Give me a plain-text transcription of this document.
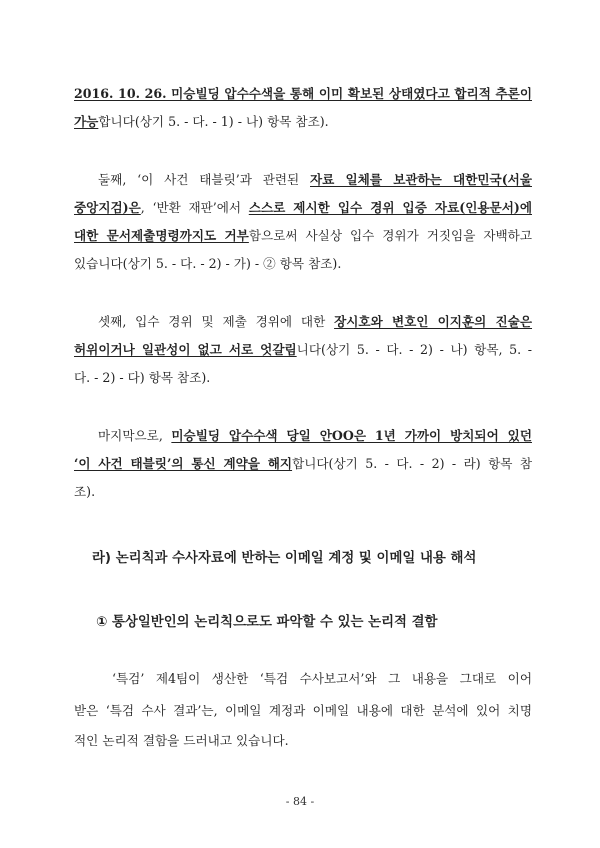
2016. 10. 26. 미승빌딩 압수수색을 통해 이미 확보된 상태였다고 합리적 추론이
가능합니다(상기 5. - 다. - 1) - 나) 항목 참조).
둘째, ‘이 사건 태블릿’과 관련된 자료 일체를 보관하는 대한민국(서울
중앙지검)은, ‘반환 재판’에서 스스로 제시한 입수 경위 입증 자료(인용문서)에
대한 문서제출명령까지도 거부함으로써 사실상 입수 경위가 거짓임을 자백하고
있습니다(상기 5. - 다. - 2) - 가) - ② 항목 참조).
셋째, 입수 경위 및 제출 경위에 대한 장시호와 변호인 이지훈의 진술은
허위이거나 일관성이 없고 서로 엇갈림니다(상기 5. - 다. - 2) - 나) 항목, 5. -
다. - 2) - 다) 항목 참조).
마지막으로, 미승빌딩 압수수색 당일 안OO은 1년 가까이 방치되어 있던
‘이 사건 태블릿’의 통신 계약을 해지합니다(상기 5. - 다. - 2) - 라) 항목 참
조).
라) 논리칙과 수사자료에 반하는 이메일 계정 및 이메일 내용 해석
① 통상일반인의 논리칙으로도 파악할 수 있는 논리적 결함
‘특검’ 제4팀이 생산한 ‘특검 수사보고서’와 그 내용을 그대로 이어
받은 ‘특검 수사 결과’는, 이메일 계정과 이메일 내용에 대한 분석에 있어 치명
적인 논리적 결함을 드러내고 있습니다.
- 84 -
